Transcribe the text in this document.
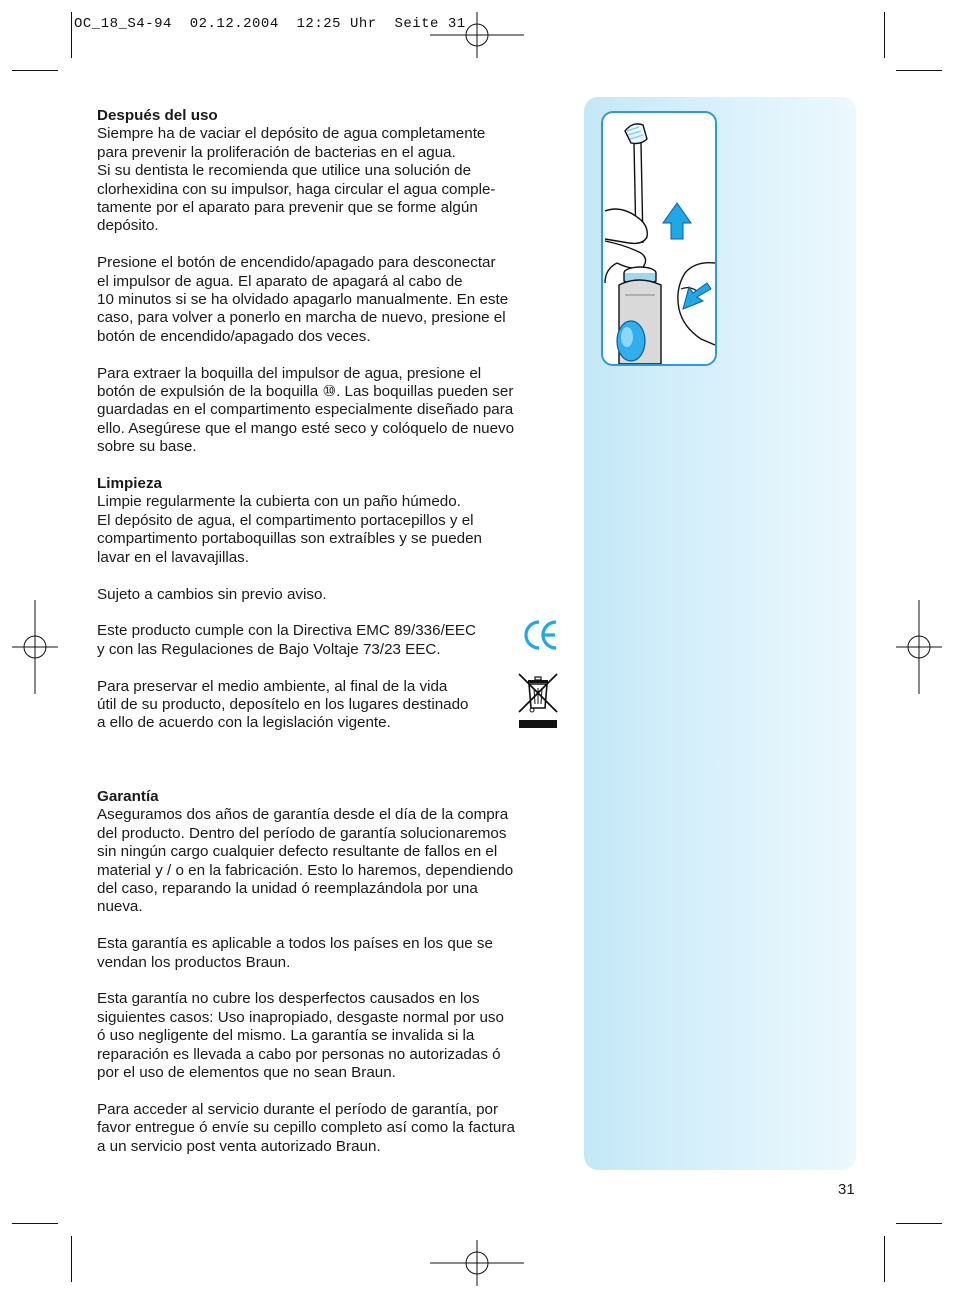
OC_18_S4-94  02.12.2004  12:25 Uhr  Seite 31

Después del uso

Siempre ha de vaciar el depósito de agua completamente

para prevenir la proliferación de bacterias en el agua.

Si su dentista le recomienda que utilice una solución de

clorhexidina con su impulsor, haga circular el agua comple-

tamente por el aparato para prevenir que se forme algún

depósito.

Presione el botón de encendido/apagado para desconectar

el impulsor de agua. El aparato de apagará al cabo de

10 minutos si se ha olvidado apagarlo manualmente. En este

caso, para volver a ponerlo en marcha de nuevo, presione el

botón de encendido/apagado dos veces.

Para extraer la boquilla del impulsor de agua, presione el

botón de expulsión de la boquilla ⑩. Las boquillas pueden ser

guardadas en el compartimento especialmente diseñado para

ello. Asegúrese que el mango esté seco y colóquelo de nuevo

sobre su base.

Limpieza

Limpie regularmente la cubierta con un paño húmedo.

El depósito de agua, el compartimento portacepillos y el

compartimento portaboquillas son extraíbles y se pueden

lavar en el lavavajillas.

Sujeto a cambios sin previo aviso.

Este producto cumple con la Directiva EMC 89/336/EEC

y con las Regulaciones de Bajo Voltaje 73/23 EEC.

Para preservar el medio ambiente, al final de la vida

útil de su producto, deposítelo en los lugares destinado

a ello de acuerdo con la legislación vigente.

Garantía

Aseguramos dos años de garantía desde el día de la compra

del producto. Dentro del período de garantía solucionaremos

sin ningún cargo cualquier defecto resultante de fallos en el

material y / o en la fabricación. Esto lo haremos, dependiendo

del caso, reparando la unidad ó reemplazándola por una

nueva.

Esta garantía es aplicable a todos los países en los que se

vendan los productos Braun.

Esta garantía no cubre los desperfectos causados en los

siguientes casos: Uso inapropiado, desgaste normal por uso

ó uso negligente del mismo. La garantía se invalida si la

reparación es llevada a cabo por personas no autorizadas ó

por el uso de elementos que no sean Braun.

Para acceder al servicio durante el período de garantía, por

favor entregue ó envíe su cepillo completo así como la factura

a un servicio post venta autorizado Braun.

31
